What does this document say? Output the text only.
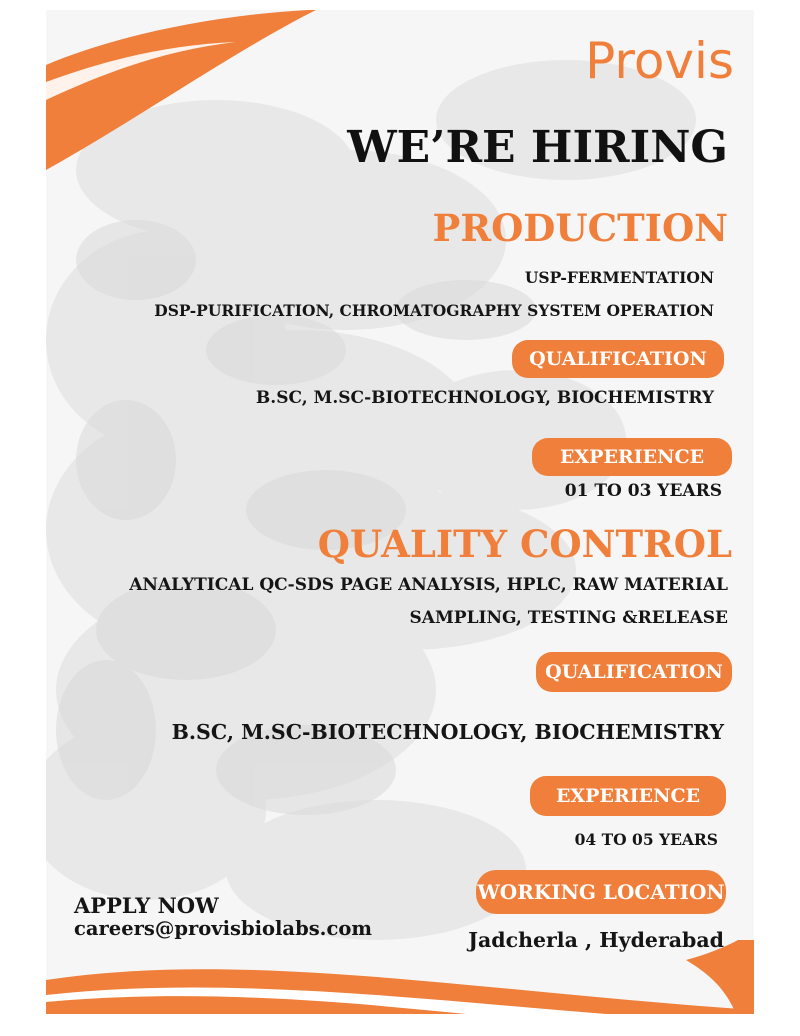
Provis
WE’RE HIRING
PRODUCTION
USP-FERMENTATION
DSP-PURIFICATION, CHROMATOGRAPHY SYSTEM OPERATION
QUALIFICATION
B.SC, M.SC-BIOTECHNOLOGY, BIOCHEMISTRY
EXPERIENCE
01 TO 03 YEARS
QUALITY CONTROL
ANALYTICAL QC-SDS PAGE ANALYSIS, HPLC, RAW MATERIAL
SAMPLING, TESTING &RELEASE
QUALIFICATION
B.SC, M.SC-BIOTECHNOLOGY, BIOCHEMISTRY
EXPERIENCE
04 TO 05 YEARS
WORKING LOCATION
Jadcherla , Hyderabad
APPLY NOW
careers@provisbiolabs.com
